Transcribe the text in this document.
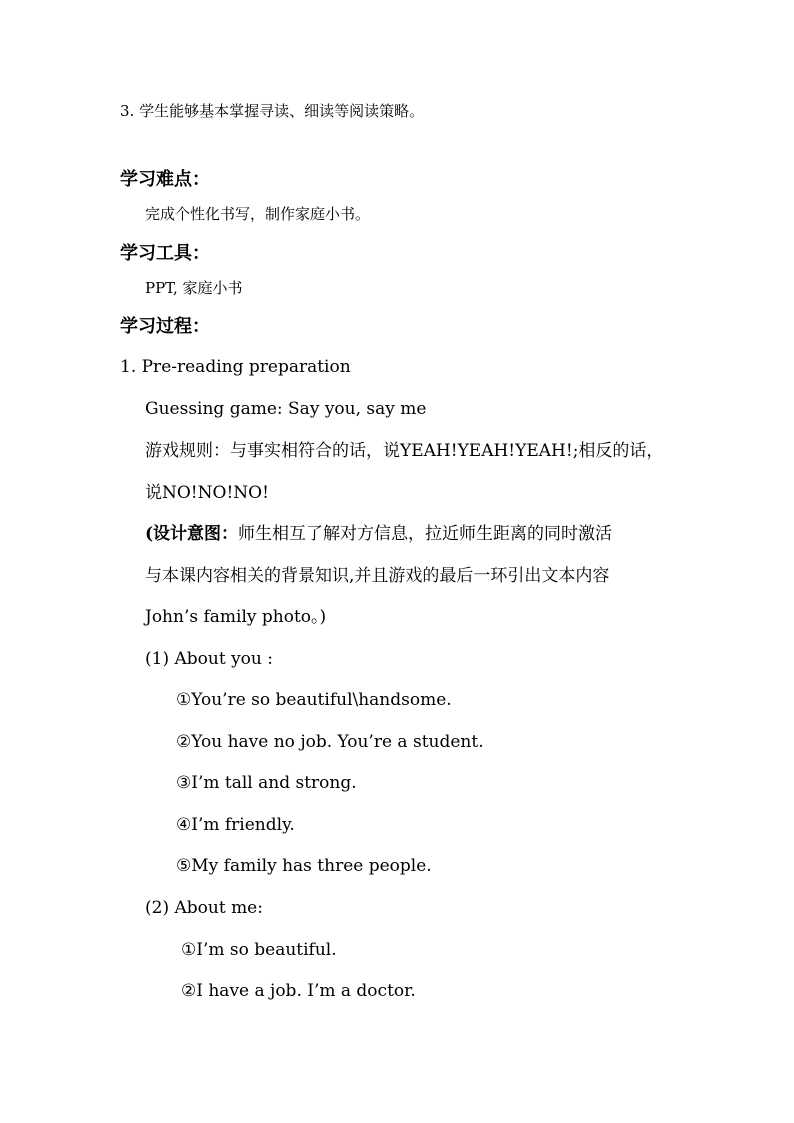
3. 学生能够基本掌握寻读、细读等阅读策略。
学习难点：
完成个性化书写，制作家庭小书。
学习工具：
PPT, 家庭小书
学习过程：
1. Pre-reading preparation
Guessing game: Say you, say me
游戏规则：与事实相符合的话，说YEAH!YEAH!YEAH!;相反的话，
说NO!NO!NO!
(设计意图：师生相互了解对方信息，拉近师生距离的同时激活
与本课内容相关的背景知识,并且游戏的最后一环引出文本内容
John’s family photo。)
(1) About you :
①You’re so beautiful\handsome.
②You have no job. You’re a student.
③I’m tall and strong.
④I’m friendly.
⑤My family has three people.
(2) About me:
①I’m so beautiful.
②I have a job. I’m a doctor.
